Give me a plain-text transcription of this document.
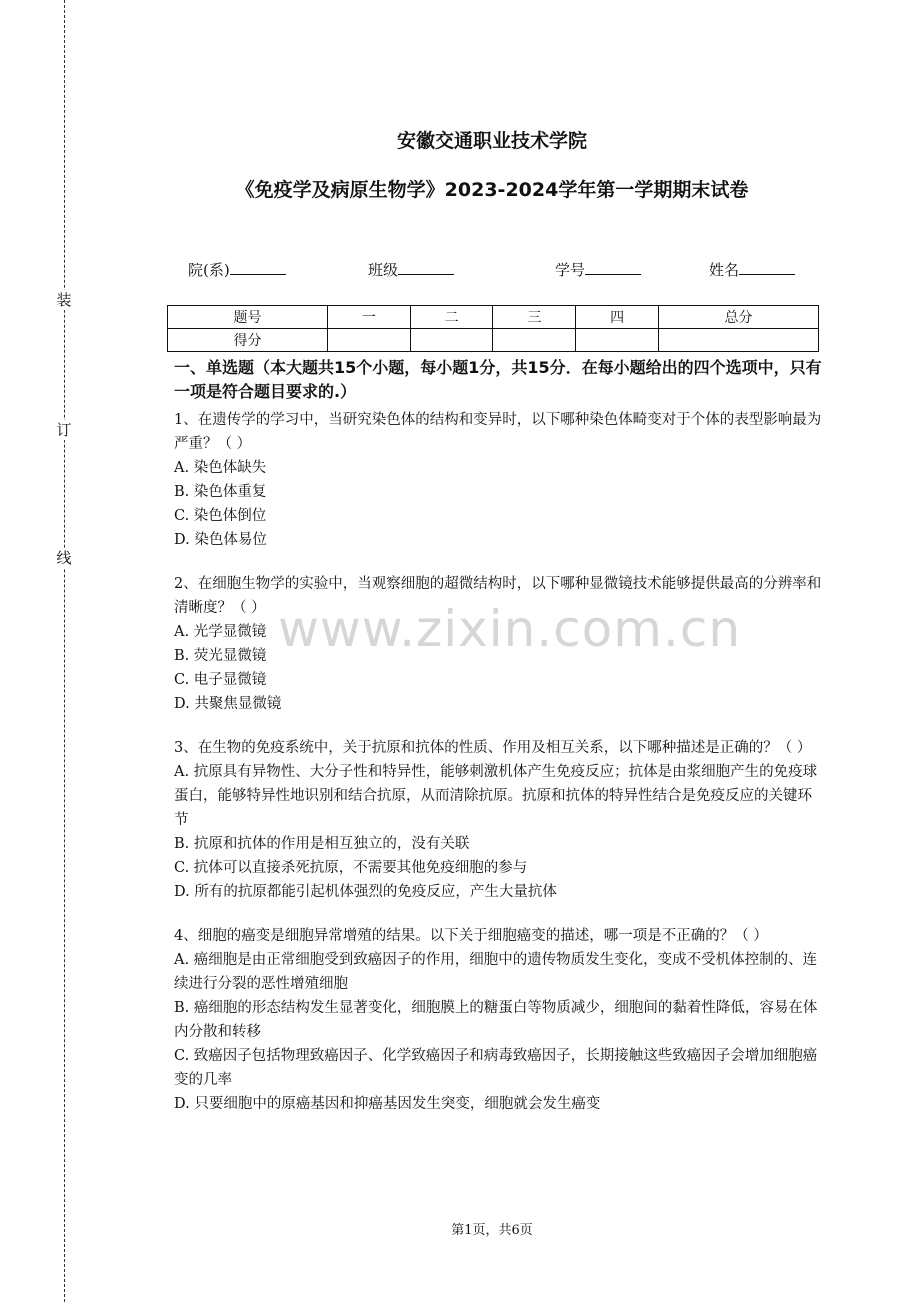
装
订
线
安徽交通职业技术学院
《免疫学及病原生物学》2023-2024学年第一学期期末试卷
院(系)	班级	学号	姓名
题号	一	二	三	四	总分
得分					

一、单选题（本大题共15个小题，每小题1分，共15分．在每小题给出的四个选项中，只有一项是符合题目要求的.）

1、在遗传学的学习中，当研究染色体的结构和变异时，以下哪种染色体畸变对于个体的表型影响最为严重？（ ）

A. 染色体缺失

B. 染色体重复

C. 染色体倒位

D. 染色体易位

2、在细胞生物学的实验中，当观察细胞的超微结构时，以下哪种显微镜技术能够提供最高的分辨率和清晰度？（ ）

A. 光学显微镜

B. 荧光显微镜

C. 电子显微镜

D. 共聚焦显微镜

3、在生物的免疫系统中，关于抗原和抗体的性质、作用及相互关系，以下哪种描述是正确的？（ ）

A. 抗原具有异物性、大分子性和特异性，能够刺激机体产生免疫反应；抗体是由浆细胞产生的免疫球蛋白，能够特异性地识别和结合抗原，从而清除抗原。抗原和抗体的特异性结合是免疫反应的关键环节

B. 抗原和抗体的作用是相互独立的，没有关联

C. 抗体可以直接杀死抗原，不需要其他免疫细胞的参与

D. 所有的抗原都能引起机体强烈的免疫反应，产生大量抗体

4、细胞的癌变是细胞异常增殖的结果。以下关于细胞癌变的描述，哪一项是不正确的？（ ）

A. 癌细胞是由正常细胞受到致癌因子的作用，细胞中的遗传物质发生变化，变成不受机体控制的、连续进行分裂的恶性增殖细胞

B. 癌细胞的形态结构发生显著变化，细胞膜上的糖蛋白等物质减少，细胞间的黏着性降低，容易在体内分散和转移

C. 致癌因子包括物理致癌因子、化学致癌因子和病毒致癌因子，长期接触这些致癌因子会增加细胞癌变的几率

D. 只要细胞中的原癌基因和抑癌基因发生突变，细胞就会发生癌变

www.zixin.com.cn
第1页，共6页
